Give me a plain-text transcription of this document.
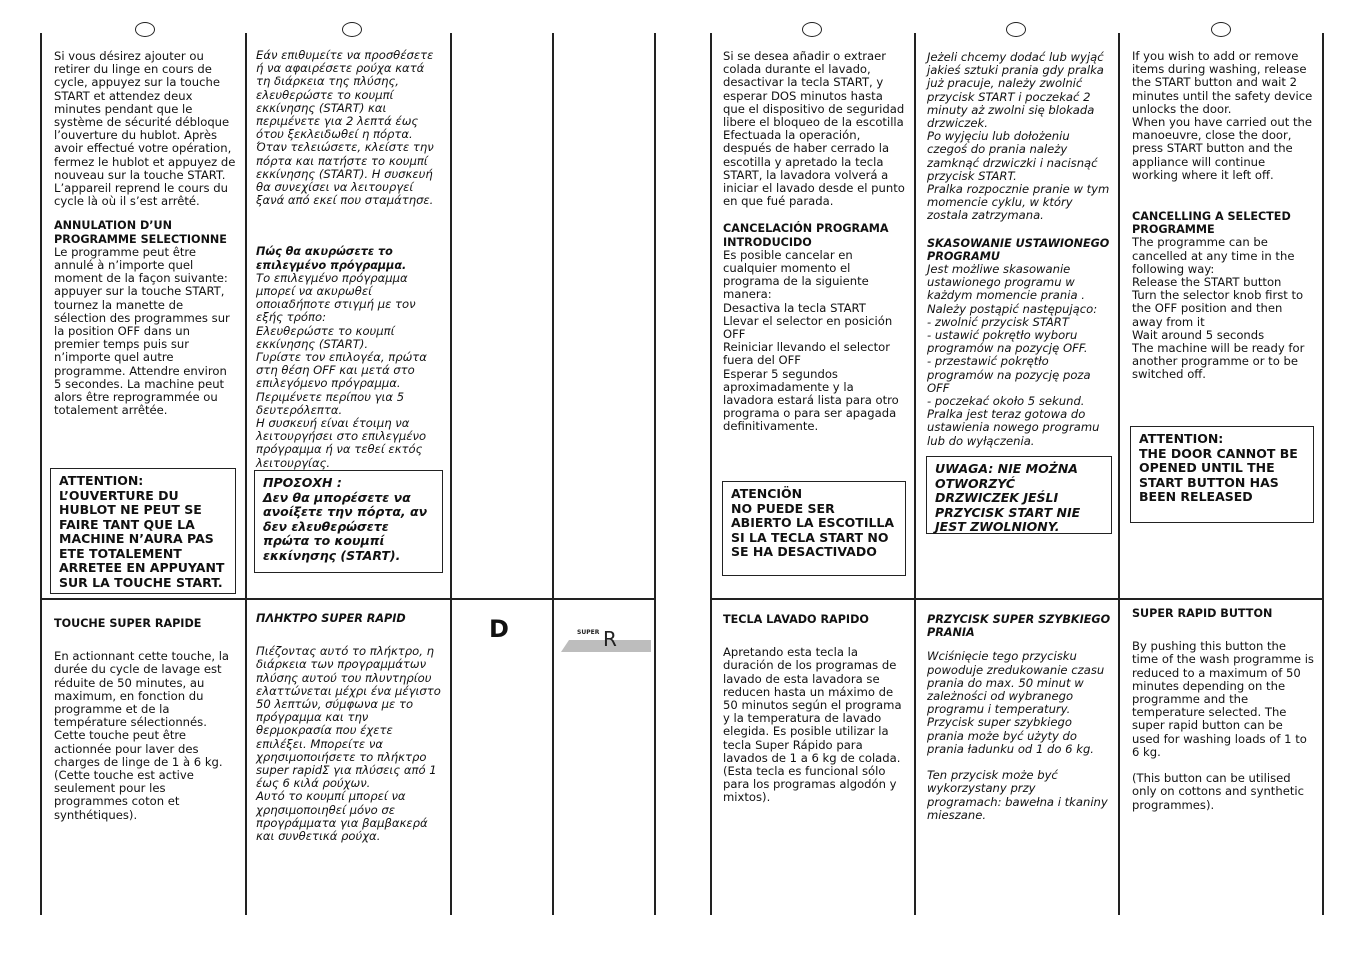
Si vous désirez ajouter ou retirer du linge en cours de cycle, appuyez sur la touche START et attendez deux minutes pendant que le système de sécurité débloque l’ouverture du hublot. Après avoir effectué votre opération, fermez le hublot et appuyez de nouveau sur la touche START. L’appareil reprend le cours du cycle là où il s’est arrêté.

ANNULATION D’UN PROGRAMME SELECTIONNE

Le programme peut être annulé à n’importe quel moment de la façon suivante: appuyer sur la touche START, tournez la manette de sélection des programmes sur la position OFF dans un premier temps puis sur n’importe quel autre programme. Attendre environ 5 secondes. La machine peut alors être reprogrammée ou totalement arrêtée.

ATTENTION:
L’OUVERTURE DU HUBLOT NE PEUT SE FAIRE TANT QUE LA MACHINE N’AURA PAS ETE TOTALEMENT ARRETEE EN APPUYANT SUR LA TOUCHE START.

TOUCHE SUPER RAPIDE

En actionnant cette touche, la durée du cycle de lavage est réduite de 50 minutes, au maximum, en fonction du programme et de la température sélectionnés. Cette touche peut être actionnée pour laver des charges de linge de 1 à 6 kg. (Cette touche est active seulement pour les programmes coton et synthétiques).

Εάν επιθυμείτε να προσθέσετε ή να αφαιρέσετε ρούχα κατά τη διάρκεια της πλύσης, ελευθερώστε το κουμπί εκκίνησης (START) και περιμένετε για 2 λεπτά έως ότου ξεκλειδωθεί η πόρτα.
Όταν τελειώσετε, κλείστε την πόρτα και πατήστε το κουμπί εκκίνησης (START). Η συσκευή θα συνεχίσει να λειτουργεί ξανά από εκεί που σταμάτησε.

Πώς θα ακυρώσετε το επιλεγμένο πρόγραμμα.

Το επιλεγμένο πρόγραμμα μπορεί να ακυρωθεί οποιαδήποτε στιγμή με τον εξής τρόπο:
Ελευθερώστε το κουμπί εκκίνησης (START).
Γυρίστε τον επιλογέα, πρώτα στη θέση OFF και μετά στο επιλεγόμενο πρόγραμμα.
Περιμένετε περίπου για 5 δευτερόλεπτα.
Η συσκευή είναι έτοιμη να λειτουργήσει στο επιλεγμένο πρόγραμμα ή να τεθεί εκτός λειτουργίας.

ΠΡΟΣΟΧΗ :
Δεν θα μπορέσετε να ανοίξετε την πόρτα, αν δεν ελευθερώσετε πρώτα το κουμπί εκκίνησης (START).

ΠΛΗΚΤΡΟ SUPER RAPID

Πιέζοντας αυτό το πλήκτρο, η διάρκεια των προγραμμάτων πλύσης αυτού του πλυντηρίου ελαττώνεται μέχρι ένα μέγιστο 50 λεπτών, σύμφωνα με το πρόγραμμα και την θερμοκρασία που έχετε επιλέξει. Μπορείτε να χρησιμοποιήσετε το πλήκτρο super rapidΣ για πλύσεις από 1 έως 6 κιλά ρούχων.
Αυτό το κουμπί μπορεί να χρησιμοποιηθεί μόνο σε προγράμματα για βαμβακερά και συνθετικά ρούχα.

D	SUPER R

Si se desea añadir o extraer colada durante el lavado, desactivar la tecla START, y esperar DOS minutos hasta que el dispositivo de seguridad libere el bloqueo de la escotilla
Efectuada la operación, después de haber cerrado la escotilla y apretado la tecla START, la lavadora volverá a iniciar el lavado desde el punto en que fué parada.

CANCELACIÓN PROGRAMA INTRODUCIDO

Es posible cancelar en cualquier momento el programa de la siguiente manera:
Desactiva la tecla START
Llevar el selector en posición OFF
Reiniciar llevando el selector fuera del OFF
Esperar 5 segundos aproximadamente y la lavadora estará lista para otro programa o para ser apagada definitivamente.

ATENCIÖN
NO PUEDE SER ABIERTO LA ESCOTILLA SI LA TECLA START NO SE HA DESACTIVADO

TECLA LAVADO RAPIDO

Apretando esta tecla la duración de los programas de lavado de esta lavadora se reducen hasta un máximo de 50 minutos según el programa y la temperatura de lavado elegida. Es posible utilizar la tecla Super Rápido para lavados de 1 a 6 kg de colada.
(Esta tecla es funcional sólo para los programas algodón y mixtos).

Jeżeli chcemy dodać lub wyjąć jakieś sztuki prania gdy pralka już pracuje, należy zwolnić przycisk START i poczekać 2 minuty aż zwolni się blokada drzwiczek.
Po wyjęciu lub dołożeniu czegoś do prania należy zamknąć drzwiczki i nacisnąć przycisk START.
Pralka rozpocznie pranie w tym momencie cyklu, w który zostala zatrzymana.

SKASOWANIE USTAWIONEGO PROGRAMU

Jest możliwe skasowanie ustawionego programu w każdym momencie prania .
Należy postąpić następująco:
- zwolnić przycisk START
- ustawić pokrętło wyboru programów na pozycję OFF.
- przestawić pokrętło programów na pozycję poza OFF
- poczekać około 5 sekund.
Pralka jest teraz gotowa do ustawienia nowego programu lub do wyłączenia.

UWAGA: NIE MOŻNA OTWORZYĆ DRZWICZEK JEŚLI PRZYCISK START NIE JEST ZWOLNIONY.

PRZYCISK SUPER SZYBKIEGO PRANIA

Wciśnięcie tego przycisku powoduje zredukowanie czasu prania do max. 50 minut w zależności od wybranego programu i temperatury. Przycisk super szybkiego prania może być użyty do prania ładunku od 1 do 6 kg.

Ten przycisk może być wykorzystany przy programach: bawełna i tkaniny mieszane.

If you wish to add or remove items during washing, release the START button and wait 2 minutes until the safety device unlocks the door.
When you have carried out the manoeuvre, close the door, press START button and the appliance will continue working where it left off.

CANCELLING A SELECTED PROGRAMME

The programme can be cancelled at any time in the following way:
Release the START button
Turn the selector knob first to the OFF position and then away from it
Wait around 5 seconds
The machine will be ready for another programme or to be switched off.

ATTENTION:
THE DOOR CANNOT BE OPENED UNTIL THE START BUTTON HAS BEEN RELEASED

SUPER RAPID BUTTON

By pushing this button the time of the wash programme is reduced to a maximum of 50 minutes depending on the programme and the temperature selected. The super rapid button can be used for washing loads of 1 to 6 kg.

(This button can be utilised only on cottons and synthetic programmes).
